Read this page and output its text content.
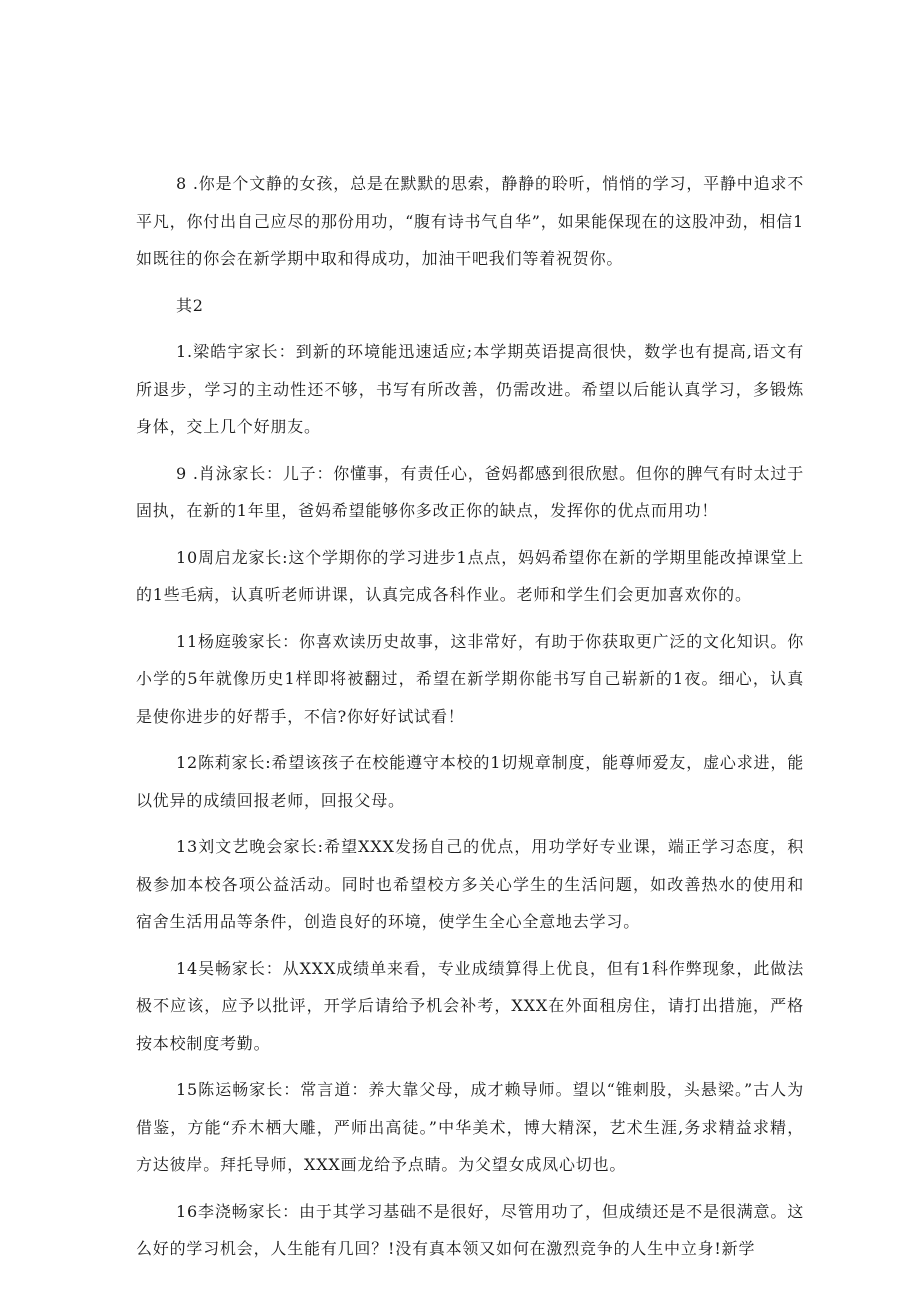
8 .你是个文静的女孩，总是在默默的思索，静静的聆听，悄悄的学习，平静中追求不平凡，你付出自己应尽的那份用功，“腹有诗书气自华”，如果能保现在的这股冲劲，相信1如既往的你会在新学期中取和得成功，加油干吧我们等着祝贺你。

其2

1.梁皓宇家长：到新的环境能迅速适应;本学期英语提高很快，数学也有提高,语文有所退步，学习的主动性还不够，书写有所改善，仍需改进。希望以后能认真学习，多锻炼身体，交上几个好朋友。

9 .肖泳家长：儿子：你懂事，有责任心，爸妈都感到很欣慰。但你的脾气有时太过于固执，在新的1年里，爸妈希望能够你多改正你的缺点，发挥你的优点而用功！

10周启龙家长:这个学期你的学习进步1点点，妈妈希望你在新的学期里能改掉课堂上的1些毛病，认真听老师讲课，认真完成各科作业。老师和学生们会更加喜欢你的。

11杨庭骏家长：你喜欢读历史故事，这非常好，有助于你获取更广泛的文化知识。你小学的5年就像历史1样即将被翻过，希望在新学期你能书写自己崭新的1夜。细心，认真是使你进步的好帮手，不信?你好好试试看！

12陈莉家长:希望该孩子在校能遵守本校的1切规章制度，能尊师爱友，虚心求进，能以优异的成绩回报老师，回报父母。

13刘文艺晚会家长:希望XXX发扬自己的优点，用功学好专业课，端正学习态度，积极参加本校各项公益活动。同时也希望校方多关心学生的生活问题，如改善热水的使用和宿舍生活用品等条件，创造良好的环境，使学生全心全意地去学习。

14吴畅家长：从XXX成绩单来看，专业成绩算得上优良，但有1科作弊现象，此做法极不应该，应予以批评，开学后请给予机会补考，XXX在外面租房住，请打出措施，严格按本校制度考勤。

15陈运畅家长：常言道：养大靠父母，成才赖导师。望以“锥刺股，头悬梁。”古人为借鉴，方能“乔木栖大雕，严师出高徒。”中华美术，博大精深，艺术生涯,务求精益求精，方达彼岸。拜托导师，XXX画龙给予点睛。为父望女成凤心切也。

16李浇畅家长：由于其学习基础不是很好，尽管用功了，但成绩还是不是很满意。这么好的学习机会，人生能有几回？!没有真本领又如何在激烈竞争的人生中立身!新学
